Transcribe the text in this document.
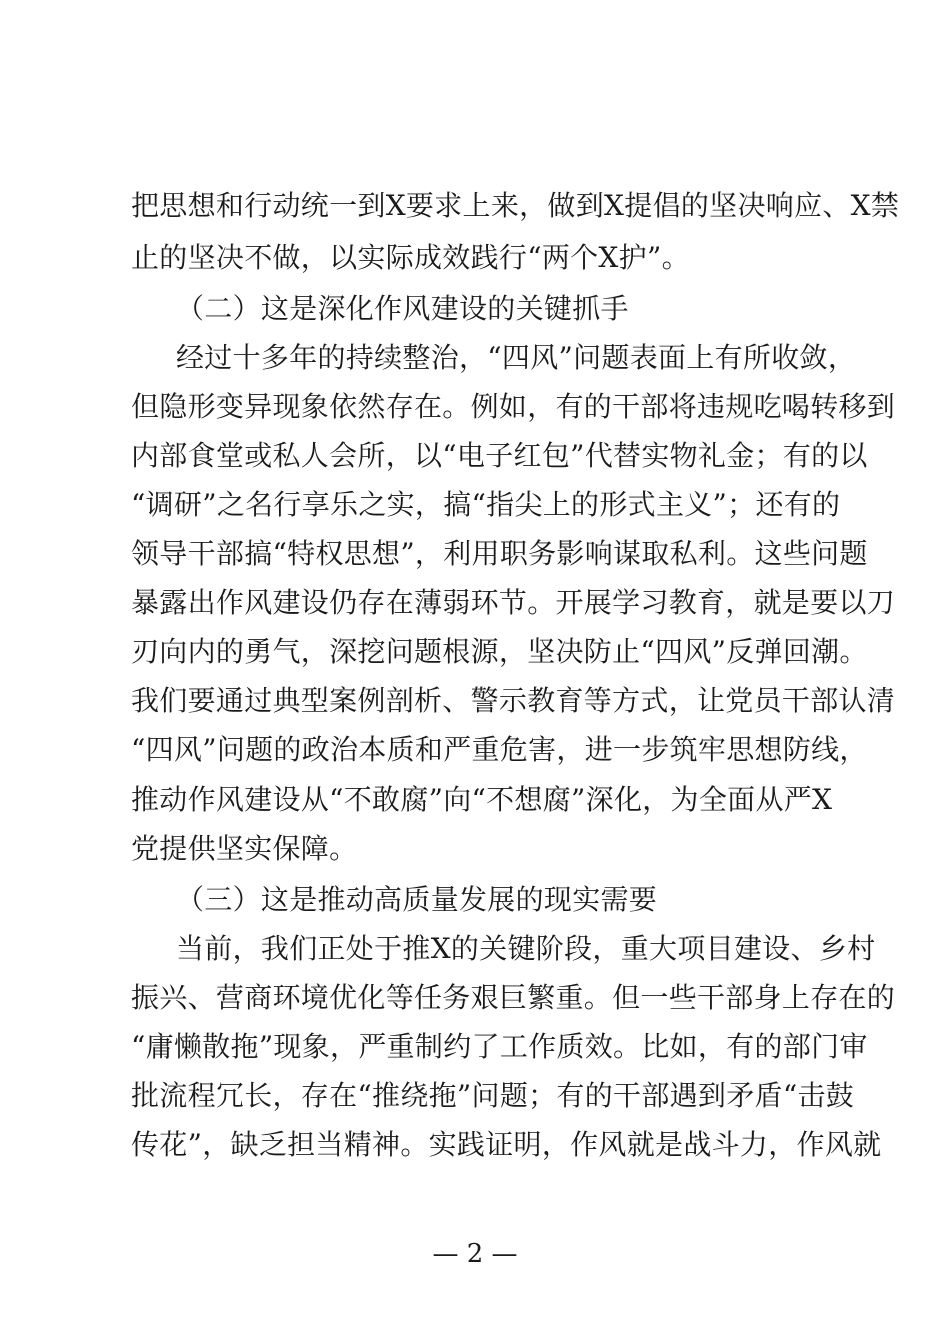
把思想和行动统一到Ⅹ要求上来，做到Ⅹ提倡的坚决响应、Ⅹ禁
止的坚决不做，以实际成效践行“两个Ⅹ护”。
（二）这是深化作风建设的关键抓手
经过十多年的持续整治，“四风”问题表面上有所收敛，
但隐形变异现象依然存在。例如，有的干部将违规吃喝转移到
内部食堂或私人会所，以“电子红包”代替实物礼金；有的以
“调研”之名行享乐之实，搞“指尖上的形式主义”；还有的
领导干部搞“特权思想”，利用职务影响谋取私利。这些问题
暴露出作风建设仍存在薄弱环节。开展学习教育，就是要以刀
刃向内的勇气，深挖问题根源，坚决防止“四风”反弹回潮。
我们要通过典型案例剖析、警示教育等方式，让党员干部认清
“四风”问题的政治本质和严重危害，进一步筑牢思想防线，
推动作风建设从“不敢腐”向“不想腐”深化，为全面从严Ⅹ
党提供坚实保障。
（三）这是推动高质量发展的现实需要
当前，我们正处于推Ⅹ的关键阶段，重大项目建设、乡村
振兴、营商环境优化等任务艰巨繁重。但一些干部身上存在的
“庸懒散拖”现象，严重制约了工作质效。比如，有的部门审
批流程冗长，存在“推绕拖”问题；有的干部遇到矛盾“击鼓
传花”，缺乏担当精神。实践证明，作风就是战斗力，作风就
— 2 —
